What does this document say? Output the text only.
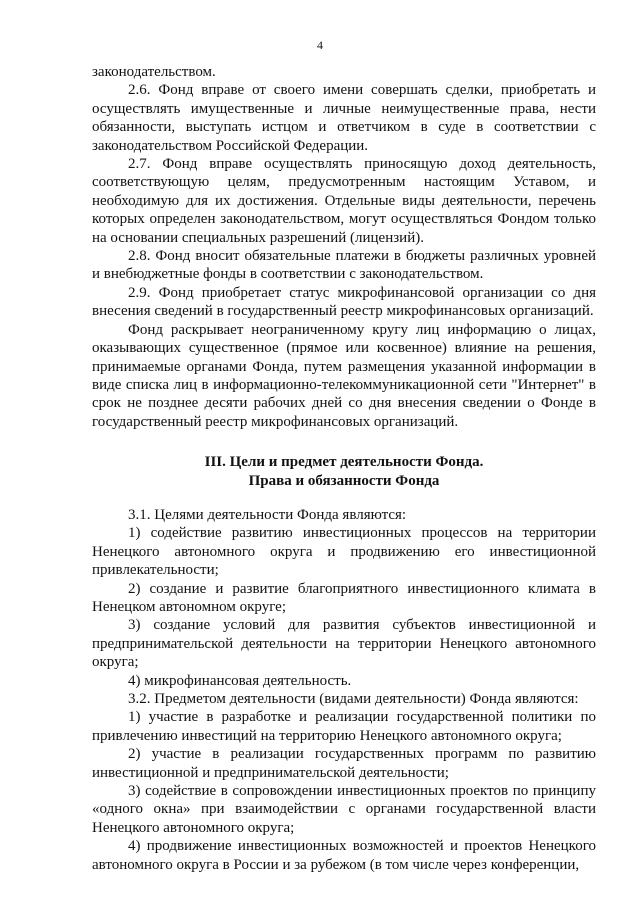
4

законодательством.

2.6. Фонд вправе от своего имени совершать сделки, приобретать и осуществлять имущественные и личные неимущественные права, нести обязанности, выступать истцом и ответчиком в суде в соответствии с законодательством Российской Федерации.

2.7. Фонд вправе осуществлять приносящую доход деятельность, соответствующую целям, предусмотренным настоящим Уставом, и необходимую для их достижения. Отдельные виды деятельности, перечень которых определен законодательством, могут осуществляться Фондом только на основании специальных разрешений (лицензий).

2.8. Фонд вносит обязательные платежи в бюджеты различных уровней и внебюджетные фонды в соответствии с законодательством.

2.9. Фонд приобретает статус микрофинансовой организации со дня внесения сведений в государственный реестр микрофинансовых организаций.

Фонд раскрывает неограниченному кругу лиц информацию о лицах, оказывающих существенное (прямое или косвенное) влияние на решения, принимаемые органами Фонда, путем размещения указанной информации в виде списка лиц в информационно-телекоммуникационной сети "Интернет" в срок не позднее десяти рабочих дней со дня внесения сведении о Фонде в государственный реестр микрофинансовых организаций.

III. Цели и предмет деятельности Фонда.
Права и обязанности Фонда

3.1. Целями деятельности Фонда являются:

1) содействие развитию инвестиционных процессов на территории Ненецкого автономного округа и продвижению его инвестиционной привлекательности;

2) создание и развитие благоприятного инвестиционного климата в Ненецком автономном округе;

3) создание условий для развития субъектов инвестиционной и предпринимательской деятельности на территории Ненецкого автономного округа;

4) микрофинансовая деятельность.

3.2. Предметом деятельности (видами деятельности) Фонда являются:

1) участие в разработке и реализации государственной политики по привлечению инвестиций на территорию Ненецкого автономного округа;

2) участие в реализации государственных программ по развитию инвестиционной и предпринимательской деятельности;

3) содействие в сопровождении инвестиционных проектов по принципу «одного окна» при взаимодействии с органами государственной власти Ненецкого автономного округа;

4) продвижение инвестиционных возможностей и проектов Ненецкого автономного округа в России и за рубежом (в том числе через конференции,
